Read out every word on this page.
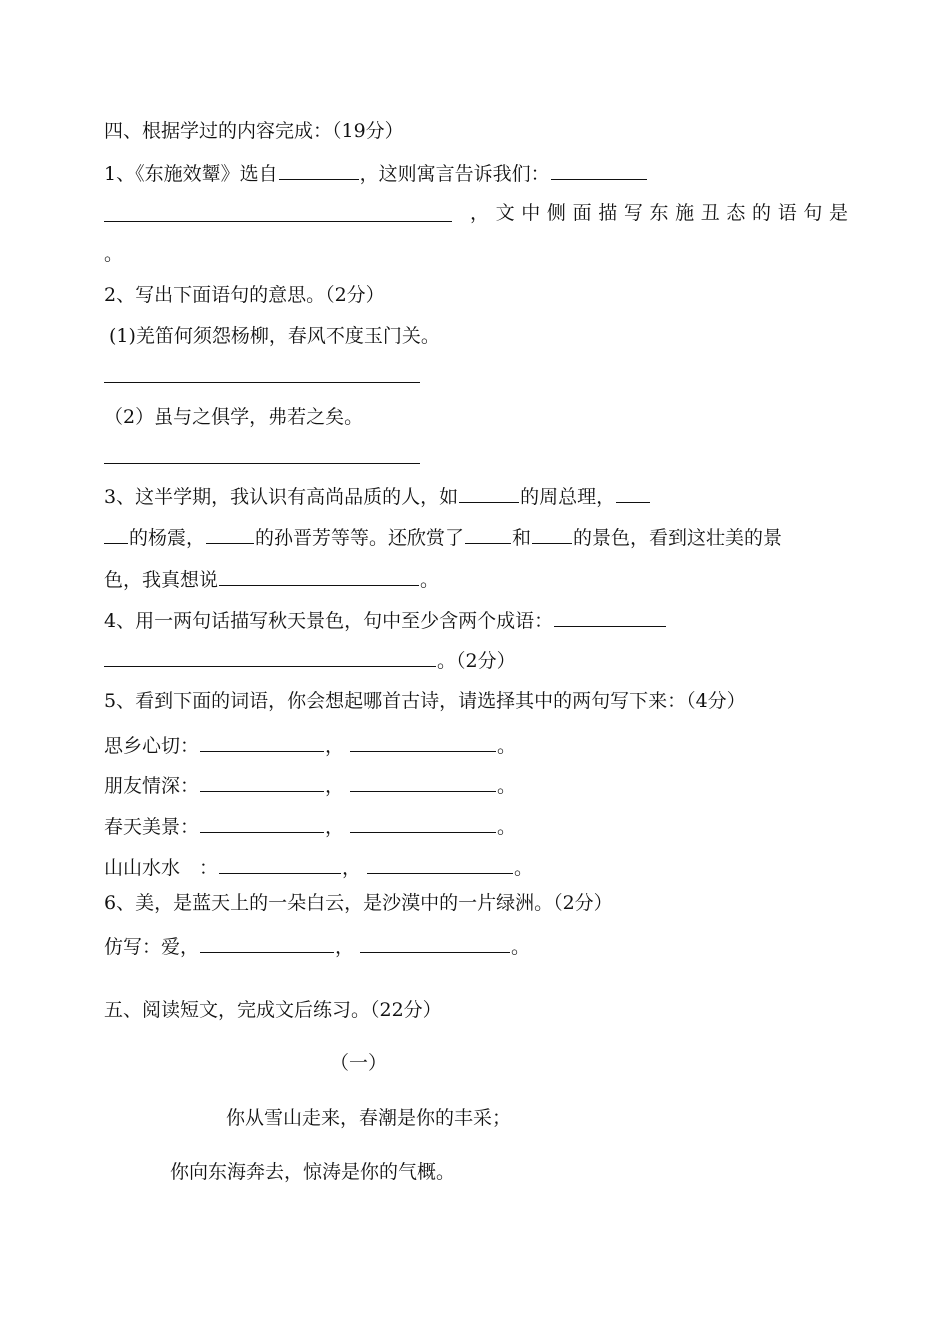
四、根据学过的内容完成：（19分）
1、《东施效颦》选自	，这则寓言告诉我们：
， 文 中 侧 面 描 写 东 施 丑 态 的 语 句 是
。
2、写出下面语句的意思。（2分）
(1)羌笛何须怨杨柳，春风不度玉门关。
（2）虽与之俱学，弗若之矣。
3、这半学期，我认识有高尚品质的人，如	的周总理，
的杨震，	的孙晋芳等等。还欣赏了	和 的景色，看到这壮美的景
色，我真想说	。
4、用一两句话描写秋天景色，句中至少含两个成语：
。（2分）
5、看到下面的词语，你会想起哪首古诗，请选择其中的两句写下来：（4分）
思乡心切：	，	。
朋友情深：	，	。
春天美景：	，	。
山山水水　：	，	。
6、美，是蓝天上的一朵白云，是沙漠中的一片绿洲。（2分）
仿写：爱，	，	。
五、阅读短文，完成文后练习。（22分）
（一）
你从雪山走来，春潮是你的丰采；
你向东海奔去，惊涛是你的气概。
